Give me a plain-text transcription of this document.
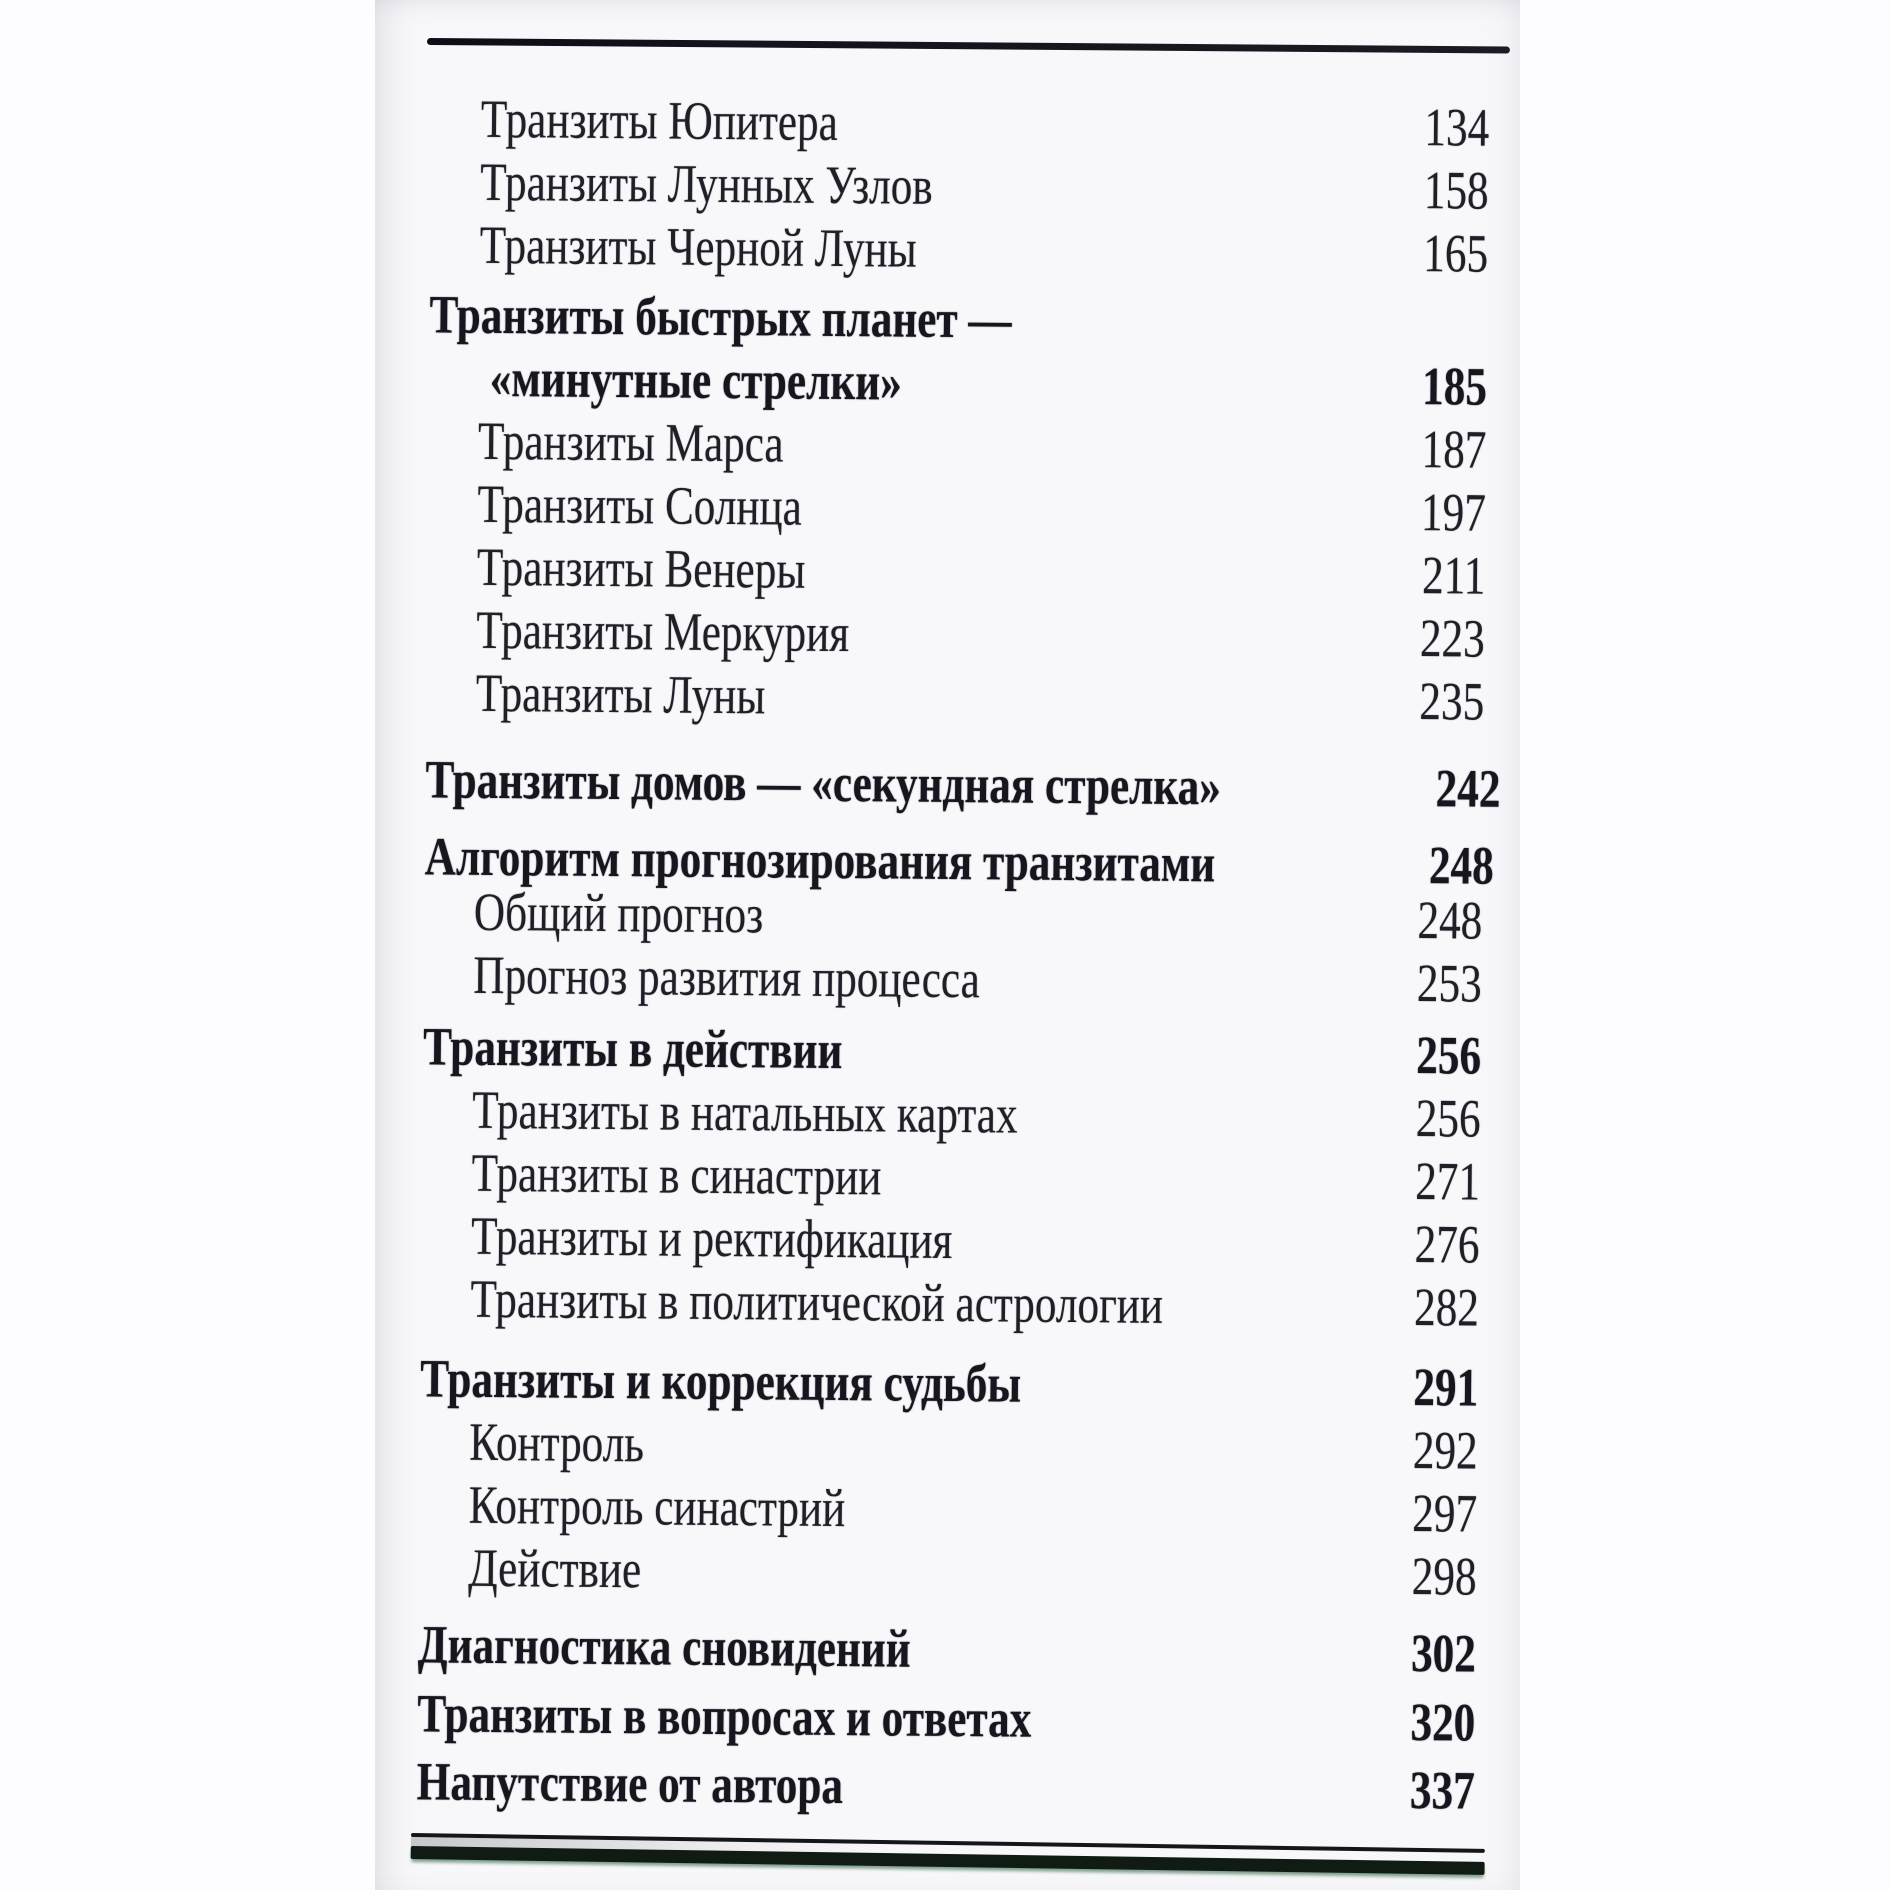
Транзиты Юпитера	134
Транзиты Лунных Узлов	158
Транзиты Черной Луны	165
Транзиты быстрых планет —
«минутные стрелки»	185
Транзиты Марса	187
Транзиты Солнца	197
Транзиты Венеры	211
Транзиты Меркурия	223
Транзиты Луны	235
Транзиты домов — «секундная стрелка»	242
Алгоритм прогнозирования транзитами	248
Общий прогноз	248
Прогноз развития процесса	253
Транзиты в действии	256
Транзиты в натальных картах	256
Транзиты в синастрии	271
Транзиты и ректификация	276
Транзиты в политической астрологии	282
Транзиты и коррекция судьбы	291
Контроль	292
Контроль синастрий	297
Действие	298
Диагностика сновидений	302
Транзиты в вопросах и ответах	320
Напутствие от автора	337
